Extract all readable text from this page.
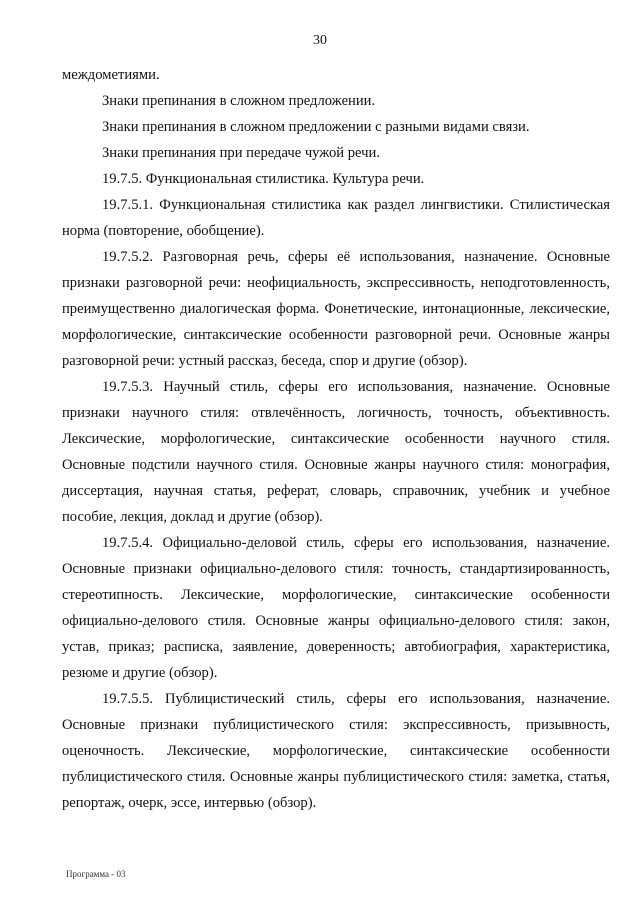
30

междометиями.

Знаки препинания в сложном предложении.

Знаки препинания в сложном предложении с разными видами связи.

Знаки препинания при передаче чужой речи.

19.7.5. Функциональная стилистика. Культура речи.

19.7.5.1. Функциональная стилистика как раздел лингвистики. Стилистическая норма (повторение, обобщение).

19.7.5.2. Разговорная речь, сферы её использования, назначение. Основные признаки разговорной речи: неофициальность, экспрессивность, неподготовленность, преимущественно диалогическая форма. Фонетические, интонационные, лексические, морфологические, синтаксические особенности разговорной речи. Основные жанры разговорной речи: устный рассказ, беседа, спор и другие (обзор).

19.7.5.3. Научный стиль, сферы его использования, назначение. Основные признаки научного стиля: отвлечённость, логичность, точность, объективность. Лексические, морфологические, синтаксические особенности научного стиля. Основные подстили научного стиля. Основные жанры научного стиля: монография, диссертация, научная статья, реферат, словарь, справочник, учебник и учебное пособие, лекция, доклад и другие (обзор).

19.7.5.4. Официально-деловой стиль, сферы его использования, назначение. Основные признаки официально-делового стиля: точность, стандартизированность, стереотипность. Лексические, морфологические, синтаксические особенности официально-делового стиля. Основные жанры официально-делового стиля: закон, устав, приказ; расписка, заявление, доверенность; автобиография, характеристика, резюме и другие (обзор).

19.7.5.5. Публицистический стиль, сферы его использования, назначение. Основные признаки публицистического стиля: экспрессивность, призывность, оценочность. Лексические, морфологические, синтаксические особенности публицистического стиля. Основные жанры публицистического стиля: заметка, статья, репортаж, очерк, эссе, интервью (обзор).

Программа - 03
